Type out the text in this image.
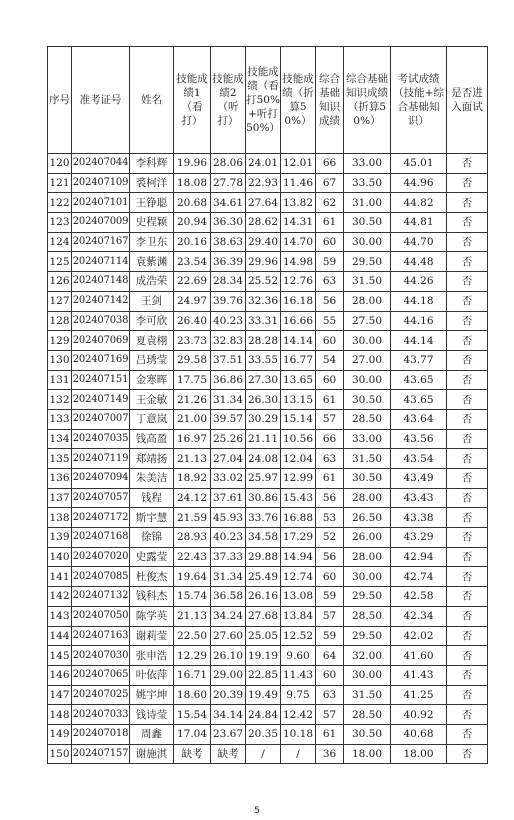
序号	准考证号	姓名	技能成绩1（看打）	技能成绩2（听打）	技能成绩（看打50%+听打50%）	技能成绩（折算50%）	综合基础知识成绩	综合基础知识成绩（折算50%）	考试成绩（技能+综合基础知识）	是否进入面试
120	202407044	李科辉	19.96	28.06	24.01	12.01	66	33.00	45.01	否
121	202407109	裘柯洋	18.08	27.78	22.93	11.46	67	33.50	44.96	否
122	202407101	王铮聪	20.68	34.61	27.64	13.82	62	31.00	44.82	否
123	202407009	史程颖	20.94	36.30	28.62	14.31	61	30.50	44.81	否
124	202407167	李卫东	20.16	38.63	29.40	14.70	60	30.00	44.70	否
125	202407114	袁紫渊	23.54	36.39	29.96	14.98	59	29.50	44.48	否
126	202407148	成浩荣	22.69	28.34	25.52	12.76	63	31.50	44.26	否
127	202407142	王剑	24.97	39.76	32.36	16.18	56	28.00	44.18	否
128	202407038	李可欣	26.40	40.23	33.31	16.66	55	27.50	44.16	否
129	202407069	夏袁栩	23.73	32.83	28.28	14.14	60	30.00	44.14	否
130	202407169	吕琇莹	29.58	37.51	33.55	16.77	54	27.00	43.77	否
131	202407151	金寒晖	17.75	36.86	27.30	13.65	60	30.00	43.65	否
132	202407149	王金敏	21.26	31.34	26.30	13.15	61	30.50	43.65	否
133	202407007	丁意岚	21.00	39.57	30.29	15.14	57	28.50	43.64	否
134	202407035	钱高盈	16.97	25.26	21.11	10.56	66	33.00	43.56	否
135	202407119	郑靖扬	21.13	27.04	24.08	12.04	63	31.50	43.54	否
136	202407094	朱美洁	18.92	33.02	25.97	12.99	61	30.50	43.49	否
137	202407057	钱程	24.12	37.61	30.86	15.43	56	28.00	43.43	否
138	202407172	斯宇慧	21.59	45.93	33.76	16.88	53	26.50	43.38	否
139	202407168	徐锦	28.93	40.23	34.58	17.29	52	26.00	43.29	否
140	202407020	史露莹	22.43	37.33	29.88	14.94	56	28.00	42.94	否
141	202407085	杜俊杰	19.64	31.34	25.49	12.74	60	30.00	42.74	否
142	202407132	钱科杰	15.74	36.58	26.16	13.08	59	29.50	42.58	否
143	202407050	陈学英	21.13	34.24	27.68	13.84	57	28.50	42.34	否
144	202407163	谢莉莹	22.50	27.60	25.05	12.52	59	29.50	42.02	否
145	202407030	张申浩	12.29	26.10	19.19	9.60	64	32.00	41.60	否
146	202407065	叶依萍	16.71	29.00	22.85	11.43	60	30.00	41.43	否
147	202407025	姚宇坤	18.60	20.39	19.49	9.75	63	31.50	41.25	否
148	202407033	钱诗莹	15.54	34.14	24.84	12.42	57	28.50	40.92	否
149	202407018	周鑫	17.04	23.67	20.35	10.18	61	30.50	40.68	否
150	202407157	谢施淇	缺考	缺考	/	/	36	18.00	18.00	否
5
